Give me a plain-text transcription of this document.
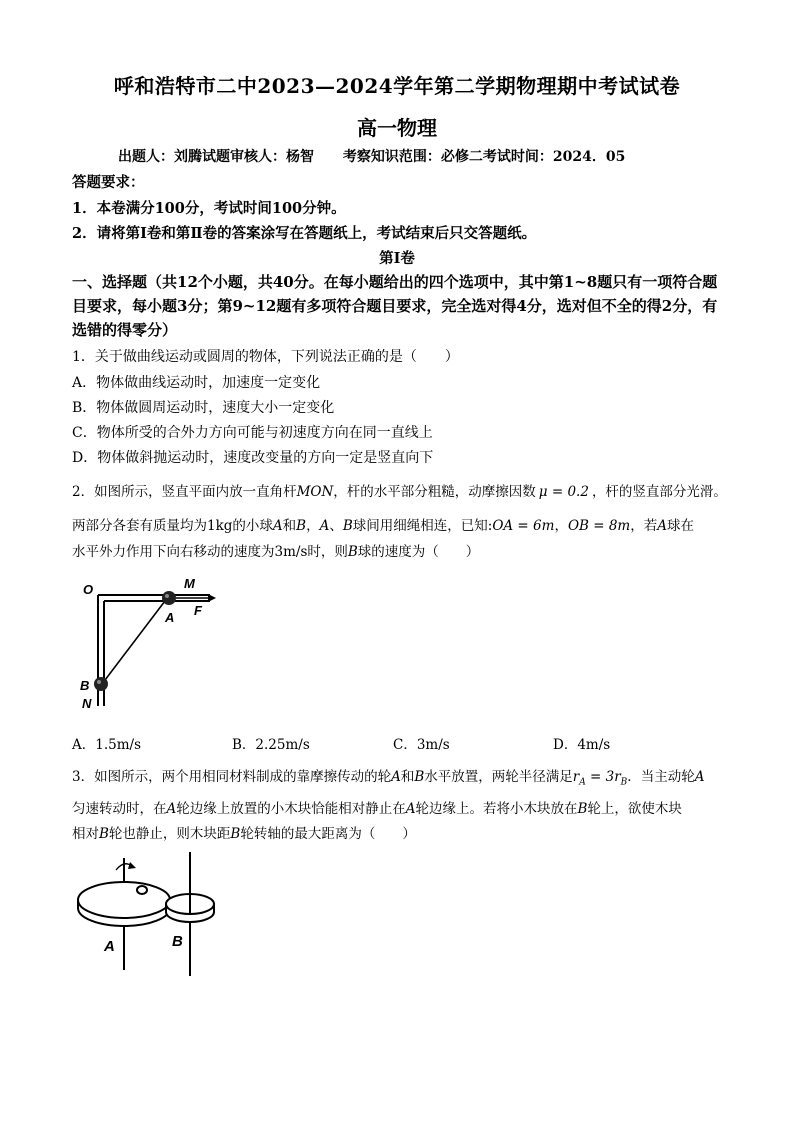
呼和浩特市二中2023—2024学年第二学期物理期中考试试卷
高一物理
出题人：刘腾试题审核人：杨智 考察知识范围：必修二考试时间：2024．05
答题要求：
1．本卷满分100分，考试时间100分钟。
2．请将第Ⅰ卷和第Ⅱ卷的答案涂写在答题纸上，考试结束后只交答题纸。
第Ⅰ卷
一、选择题（共12个小题，共40分。在每小题给出的四个选项中，其中第1~8题只有一项符合题目要求，每小题3分；第9~12题有多项符合题目要求，完全选对得4分，选对但不全的得2分，有选错的得零分）
1．关于做曲线运动或圆周的物体，下列说法正确的是（　　）
A．物体做曲线运动时，加速度一定变化
B．物体做圆周运动时，速度大小一定变化
C．物体所受的合外力方向可能与初速度方向在同一直线上
D．物体做斜抛运动时，速度改变量的方向一定是竖直向下
2．如图所示，竖直平面内放一直角杆MON，杆的水平部分粗糙，动摩擦因数 μ = 0.2 ，杆的竖直部分光滑。
两部分各套有质量均为1kg的小球A和B，A、B球间用细绳相连，已知:OA = 6m，OB = 8m，若A球在
水平外力作用下向右移动的速度为3m/s时，则B球的速度为（　　）
O	M
A F
B
N
A．1.5m/s	B．2.25m/s	C．3m/s	D．4m/s
3．如图所示，两个用相同材料制成的靠摩擦传动的轮A和B水平放置，两轮半径满足$r_A = 3r_B$．当主动轮A
匀速转动时，在A轮边缘上放置的小木块恰能相对静止在A轮边缘上。若将小木块放在B轮上，欲使木块
相对B轮也静止，则木块距B轮转轴的最大距离为（　　）
A	B
